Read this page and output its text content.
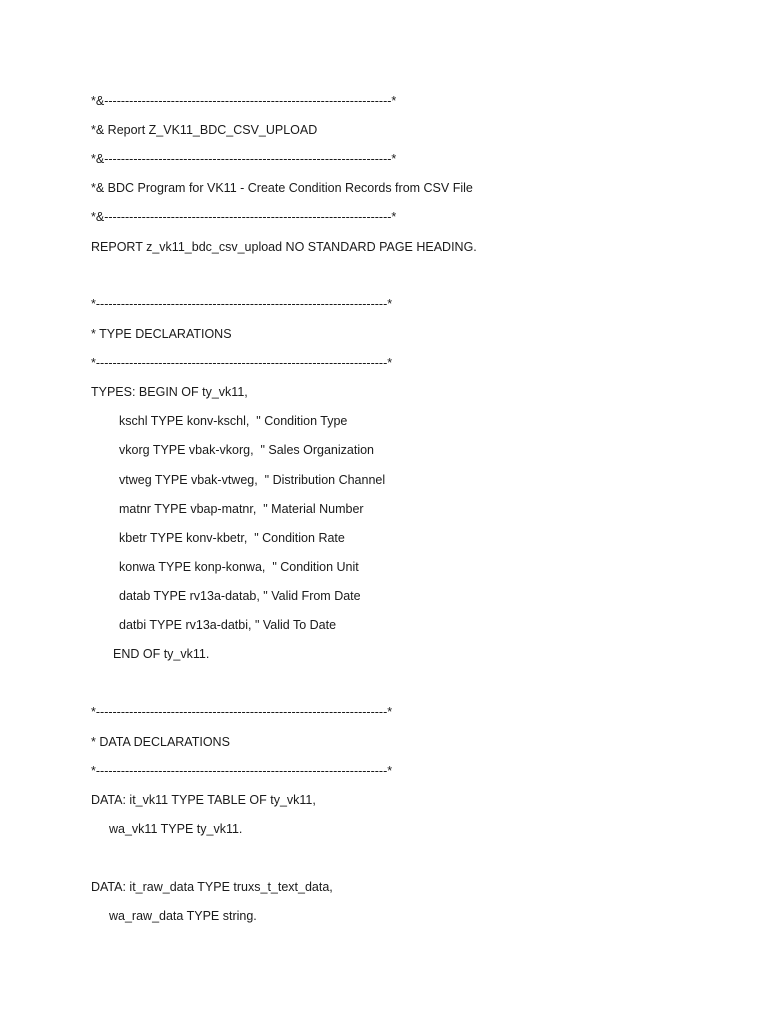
*&---------------------------------------------------------------------*
*& Report Z_VK11_BDC_CSV_UPLOAD
*&---------------------------------------------------------------------*
*& BDC Program for VK11 - Create Condition Records from CSV File
*&---------------------------------------------------------------------*
REPORT z_vk11_bdc_csv_upload NO STANDARD PAGE HEADING.
*----------------------------------------------------------------------*
* TYPE DECLARATIONS
*----------------------------------------------------------------------*
TYPES: BEGIN OF ty_vk11,
kschl TYPE konv-kschl,  " Condition Type
vkorg TYPE vbak-vkorg,  " Sales Organization
vtweg TYPE vbak-vtweg,  " Distribution Channel
matnr TYPE vbap-matnr,  " Material Number
kbetr TYPE konv-kbetr,  " Condition Rate
konwa TYPE konp-konwa,  " Condition Unit
datab TYPE rv13a-datab, " Valid From Date
datbi TYPE rv13a-datbi, " Valid To Date
END OF ty_vk11.
*----------------------------------------------------------------------*
* DATA DECLARATIONS
*----------------------------------------------------------------------*
DATA: it_vk11 TYPE TABLE OF ty_vk11,
wa_vk11 TYPE ty_vk11.
DATA: it_raw_data TYPE truxs_t_text_data,
wa_raw_data TYPE string.
